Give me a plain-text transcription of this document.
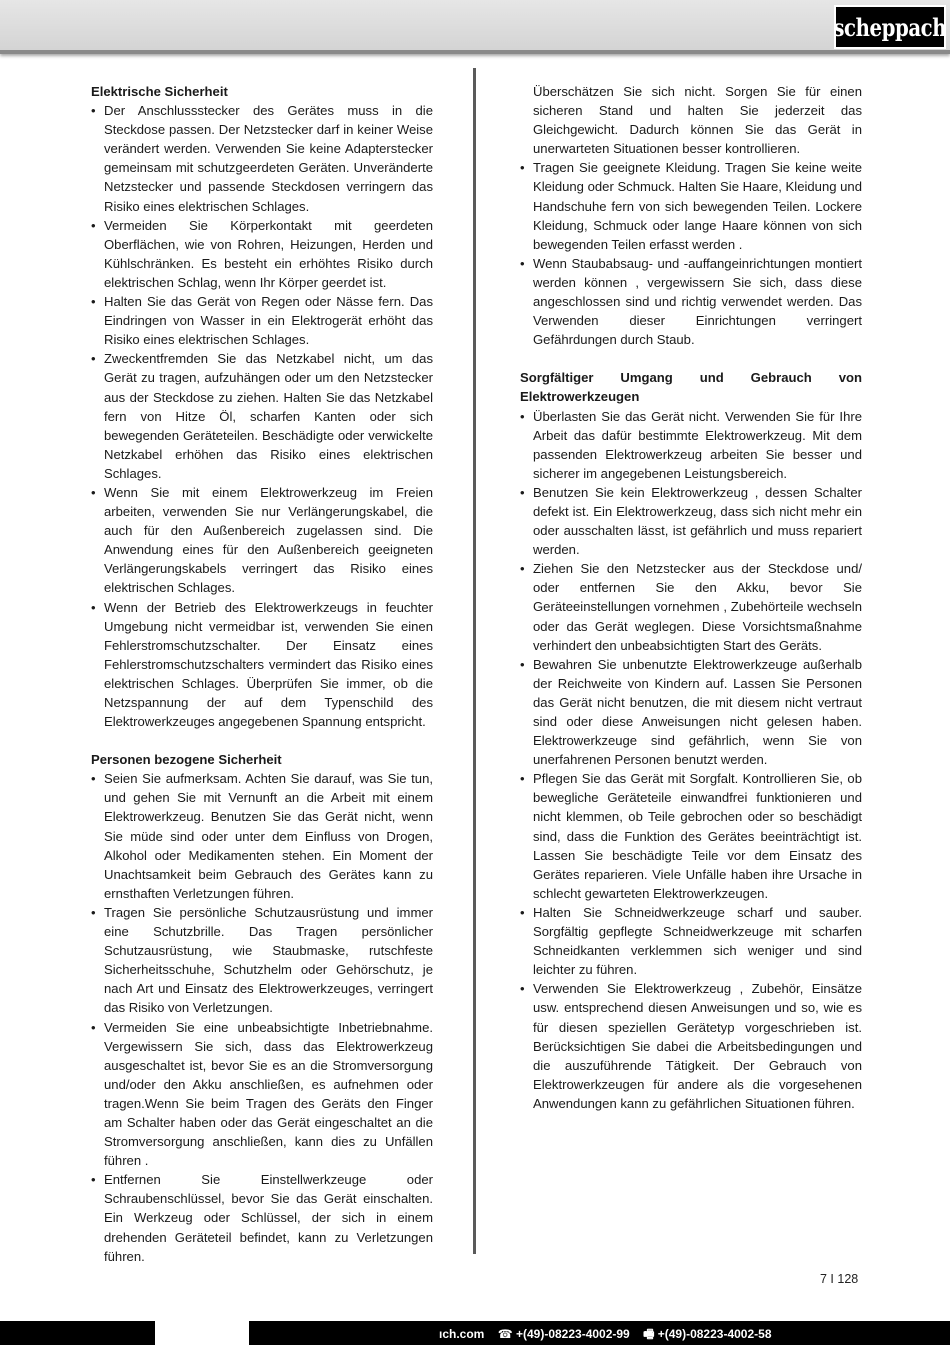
scheppach
Elektrische Sicherheit
• Der Anschlussstecker des Gerätes muss in die Steckdose passen. Der Netzstecker darf in keiner Weise verändert werden. Verwenden Sie keine Adapterstecker gemeinsam mit schutzgeerdeten Geräten. Unveränderte Netzstecker und passende Steckdosen verringern das Risiko eines elektrischen Schlages.
• Vermeiden Sie Körperkontakt mit geerdeten Oberflächen, wie von Rohren, Heizungen, Herden und Kühlschränken. Es besteht ein erhöhtes Risiko durch elektrischen Schlag, wenn Ihr Körper geerdet ist.
• Halten Sie das Gerät von Regen oder Nässe fern. Das Eindringen von Wasser in ein Elektrogerät erhöht das Risiko eines elektrischen Schlages.
• Zweckentfremden Sie das Netzkabel nicht, um das Gerät zu tragen, aufzuhängen oder um den Netzstecker aus der Steckdose zu ziehen. Halten Sie das Netzkabel fern von Hitze Öl, scharfen Kanten oder sich bewegenden Geräteteilen. Beschädigte oder verwickelte Netzkabel erhöhen das Risiko eines elektrischen Schlages.
• Wenn Sie mit einem Elektrowerkzeug im Freien arbeiten, verwenden Sie nur Verlängerungskabel, die auch für den Außenbereich zugelassen sind. Die Anwendung eines für den Außenbereich geeigneten Verlängerungskabels verringert das Risiko eines elektrischen Schlages.
• Wenn der Betrieb des Elektrowerkzeugs in feuchter Umgebung nicht vermeidbar ist, verwenden Sie einen Fehlerstromschutzschalter. Der Einsatz eines Fehlerstromschutzschalters vermindert das Risiko eines elektrischen Schlages. Überprüfen Sie immer, ob die Netzspannung der auf dem Typenschild des Elektrowerkzeuges angegebenen Spannung entspricht.
Personen bezogene Sicherheit
• Seien Sie aufmerksam. Achten Sie darauf, was Sie tun, und gehen Sie mit Vernunft an die Arbeit mit einem Elektrowerkzeug. Benutzen Sie das Gerät nicht, wenn Sie müde sind oder unter dem Einfluss von Drogen, Alkohol oder Medikamenten stehen. Ein Moment der Unachtsamkeit beim Gebrauch des Gerätes kann zu ernsthaften Verletzungen führen.
• Tragen Sie persönliche Schutzausrüstung und immer eine Schutzbrille. Das Tragen persönlicher Schutzausrüstung, wie Staubmaske, rutschfeste Sicherheitsschuhe, Schutzhelm oder Gehörschutz, je nach Art und Einsatz des Elektrowerkzeuges, verringert das Risiko von Verletzungen.
• Vermeiden Sie eine unbeabsichtigte Inbetriebnahme. Vergewissern Sie sich, dass das Elektrowerkzeug ausgeschaltet ist, bevor Sie es an die Stromversorgung und/oder den Akku anschließen, es aufnehmen oder tragen.Wenn Sie beim Tragen des Geräts den Finger am Schalter haben oder das Gerät eingeschaltet an die Stromversorgung anschließen, kann dies zu Unfällen führen .
• Entfernen Sie Einstellwerkzeuge oder Schraubenschlüssel, bevor Sie das Gerät einschalten. Ein Werkzeug oder Schlüssel, der sich in einem drehenden Geräteteil befindet, kann zu Verletzungen führen.
Überschätzen Sie sich nicht. Sorgen Sie für einen sicheren Stand und halten Sie jederzeit das Gleichgewicht. Dadurch können Sie das Gerät in unerwarteten Situationen besser kontrollieren.
• Tragen Sie geeignete Kleidung. Tragen Sie keine weite Kleidung oder Schmuck. Halten Sie Haare, Kleidung und Handschuhe fern von sich bewegenden Teilen. Lockere Kleidung, Schmuck oder lange Haare können von sich bewegenden Teilen erfasst werden .
• Wenn Staubabsaug- und -auffangeinrichtungen montiert werden können , vergewissern Sie sich, dass diese angeschlossen sind und richtig verwendet werden. Das Verwenden dieser Einrichtungen verringert Gefährdungen durch Staub.
Sorgfältiger Umgang und Gebrauch von Elektrowerkzeugen
• Überlasten Sie das Gerät nicht. Verwenden Sie für Ihre Arbeit das dafür bestimmte Elektrowerkzeug. Mit dem passenden Elektrowerkzeug arbeiten Sie besser und sicherer im angegebenen Leistungsbereich.
• Benutzen Sie kein Elektrowerkzeug , dessen Schalter defekt ist. Ein Elektrowerkzeug, dass sich nicht mehr ein oder ausschalten lässt, ist gefährlich und muss repariert werden.
• Ziehen Sie den Netzstecker aus der Steckdose und/ oder entfernen Sie den Akku, bevor Sie Geräteeinstellungen vornehmen , Zubehörteile wechseln oder das Gerät weglegen. Diese Vorsichtsmaßnahme verhindert den unbeabsichtigten Start des Geräts.
• Bewahren Sie unbenutzte Elektrowerkzeuge außerhalb der Reichweite von Kindern auf. Lassen Sie Personen das Gerät nicht benutzen, die mit diesem nicht vertraut sind oder diese Anweisungen nicht gelesen haben. Elektrowerkzeuge sind gefährlich, wenn Sie von unerfahrenen Personen benutzt werden.
• Pflegen Sie das Gerät mit Sorgfalt. Kontrollieren Sie, ob bewegliche Geräteteile einwandfrei funktionieren und nicht klemmen, ob Teile gebrochen oder so beschädigt sind, dass die Funktion des Gerätes beeinträchtigt ist. Lassen Sie beschädigte Teile vor dem Einsatz des Gerätes reparieren. Viele Unfälle haben ihre Ursache in schlecht gewarteten Elektrowerkzeugen.
• Halten Sie Schneidwerkzeuge scharf und sauber. Sorgfältig gepflegte Schneidwerkzeuge mit scharfen Schneidkanten verklemmen sich weniger und sind leichter zu führen.
• Verwenden Sie Elektrowerkzeug , Zubehör, Einsätze usw. entsprechend diesen Anweisungen und so, wie es für diesen speziellen Gerätetyp vorgeschrieben ist. Berücksichtigen Sie dabei die Arbeitsbedingungen und die auszuführende Tätigkeit. Der Gebrauch von Elektrowerkzeugen für andere als die vorgesehenen Anwendungen kann zu gefährlichen Situationen führen.
7 I 128
ıch.com ☎ +(49)-08223-4002-99 🖷 +(49)-08223-4002-58
